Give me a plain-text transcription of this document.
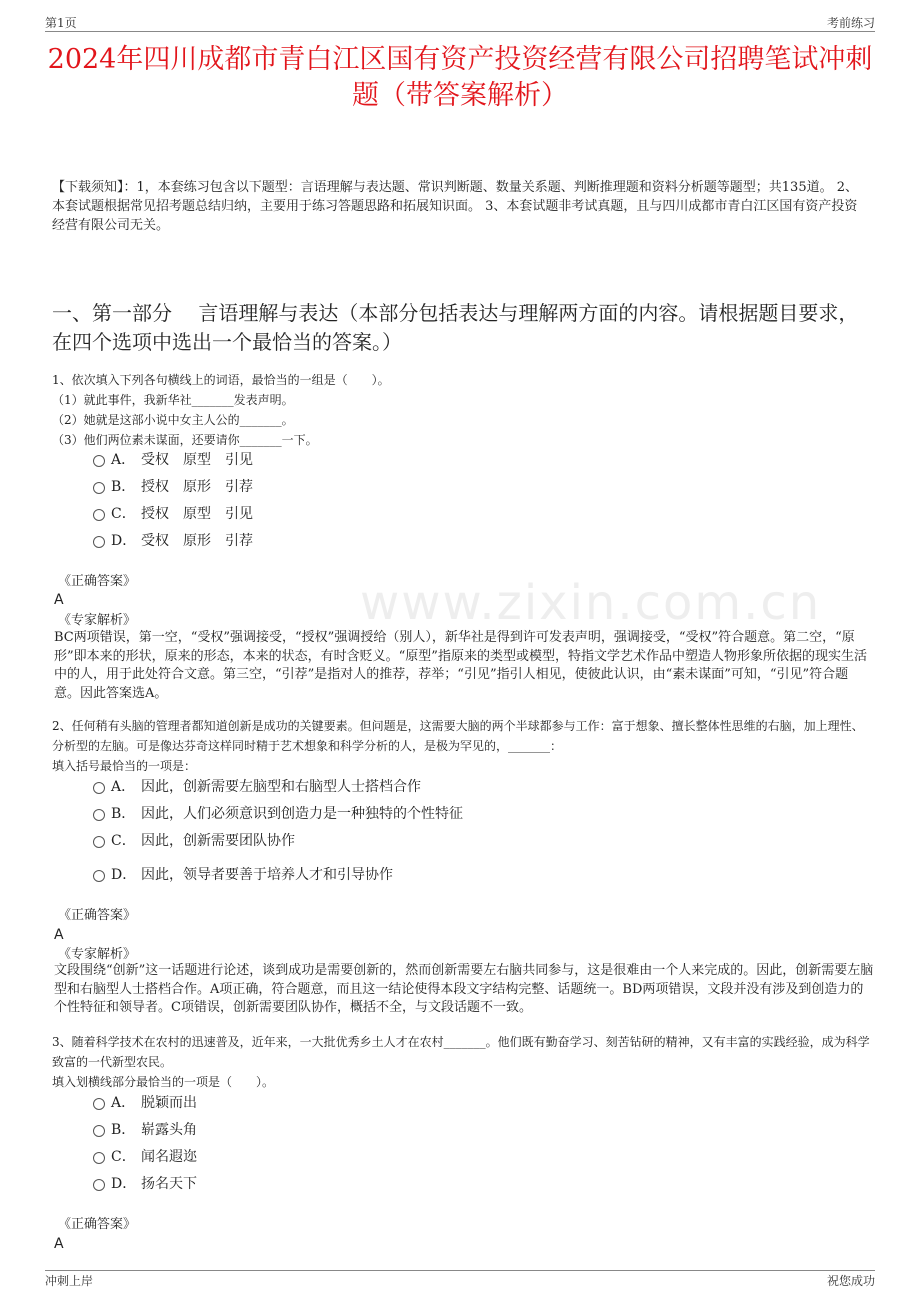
第1页	考前练习
www.zixin.com.cn
2024年四川成都市青白江区国有资产投资经营有限公司招聘笔试冲刺题（带答案解析）
【下载须知】：1，本套练习包含以下题型：言语理解与表达题、常识判断题、数量关系题、判断推理题和资料分析题等题型；共135道。 2、本套试题根据常见招考题总结归纳，主要用于练习答题思路和拓展知识面。 3、本套试题非考试真题，且与四川成都市青白江区国有资产投资经营有限公司无关。
一、第一部分　 言语理解与表达（本部分包括表达与理解两方面的内容。请根据题目要求，在四个选项中选出一个最恰当的答案。）

1、依次填入下列各句横线上的词语，最恰当的一组是（　　）。

（1）就此事件，我新华社_______发表声明。

（2）她就是这部小说中女主人公的_______。

（3）他们两位素未谋面，还要请你_______一下。

A． 受权　原型　引见
B． 授权　原形　引荐
C． 授权　原型　引见
D． 受权　原形　引荐
《正确答案》
A
《专家解析》
BC两项错误，第一空，“受权”强调接受，“授权”强调授给（别人），新华社是得到许可发表声明，强调接受，“受权”符合题意。第二空，“原形”即本来的形状，原来的形态，本来的状态，有时含贬义。“原型”指原来的类型或模型，特指文学艺术作品中塑造人物形象所依据的现实生活中的人，用于此处符合文意。第三空，“引荐”是指对人的推荐，荐举；“引见”指引人相见，使彼此认识，由“素未谋面”可知，“引见”符合题意。因此答案选A。

2、任何稍有头脑的管理者都知道创新是成功的关键要素。但问题是，这需要大脑的两个半球都参与工作：富于想象、擅长整体性思维的右脑，加上理性、分析型的左脑。可是像达芬奇这样同时精于艺术想象和科学分析的人，是极为罕见的，_______：

填入括号最恰当的一项是：

A． 因此，创新需要左脑型和右脑型人士搭档合作
B． 因此，人们必须意识到创造力是一种独特的个性特征
C． 因此，创新需要团队协作
D． 因此，领导者要善于培养人才和引导协作
《正确答案》
A
《专家解析》
文段围绕“创新”这一话题进行论述，谈到成功是需要创新的，然而创新需要左右脑共同参与，这是很难由一个人来完成的。因此，创新需要左脑型和右脑型人士搭档合作。A项正确，符合题意，而且这一结论使得本段文字结构完整、话题统一。BD两项错误，文段并没有涉及到创造力的个性特征和领导者。C项错误，创新需要团队协作，概括不全，与文段话题不一致。

3、随着科学技术在农村的迅速普及，近年来，一大批优秀乡土人才在农村_______。他们既有勤奋学习、刻苦钻研的精神，又有丰富的实践经验，成为科学致富的一代新型农民。

填入划横线部分最恰当的一项是（　　）。

A． 脱颖而出
B． 崭露头角
C． 闻名遐迩
D． 扬名天下
《正确答案》
A
冲刺上岸	祝您成功
